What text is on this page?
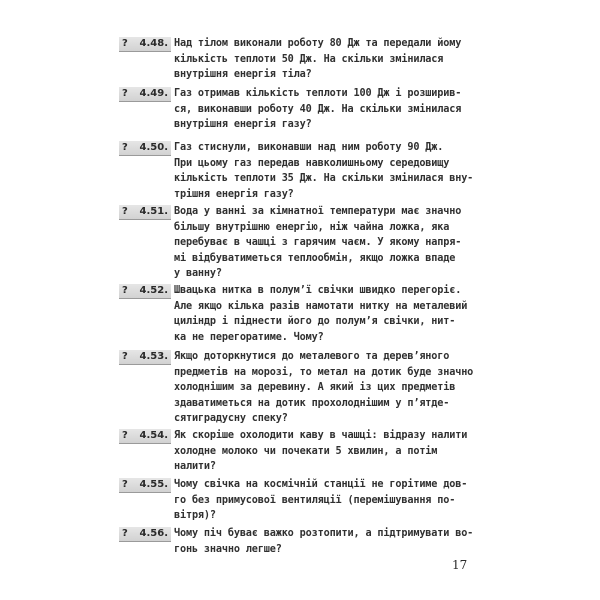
? 4.48. Над тілом виконали роботу 80 Дж та передали йому
кількість теплоти 50 Дж. На скільки змінилася
внутрішня енергія тіла?
? 4.49. Газ отримав кількість теплоти 100 Дж і розширив-
ся, виконавши роботу 40 Дж. На скільки змінилася
внутрішня енергія газу?
? 4.50. Газ стиснули, виконавши над ним роботу 90 Дж.
При цьому газ передав навколишньому середовищу
кількість теплоти 35 Дж. На скільки змінилася вну-
трішня енергія газу?
? 4.51. Вода у ванні за кімнатної температури має значно
більшу внутрішню енергію, ніж чайна ложка, яка
перебуває в чашці з гарячим чаєм. У якому напря-
мі відбуватиметься теплообмін, якщо ложка впаде
у ванну?
? 4.52. Швацька нитка в полум’ї свічки швидко перегоріє.
Але якщо кілька разів намотати нитку на металевий
циліндр і піднести його до полум’я свічки, нит-
ка не перегоратиме. Чому?
? 4.53. Якщо доторкнутися до металевого та дерев’яного
предметів на морозі, то метал на дотик буде значно
холоднішим за деревину. А який із цих предметів
здаватиметься на дотик прохолоднішим у п’ятде-
сятиградусну спеку?
? 4.54. Як скоріше охолодити каву в чашці: відразу налити
холодне молоко чи почекати 5 хвилин, а потім
налити?
? 4.55. Чому свічка на космічній станції не горітиме дов-
го без примусової вентиляції (перемішування по-
вітря)?
? 4.56. Чому піч буває важко розтопити, а підтримувати во-
гонь значно легше?
17
